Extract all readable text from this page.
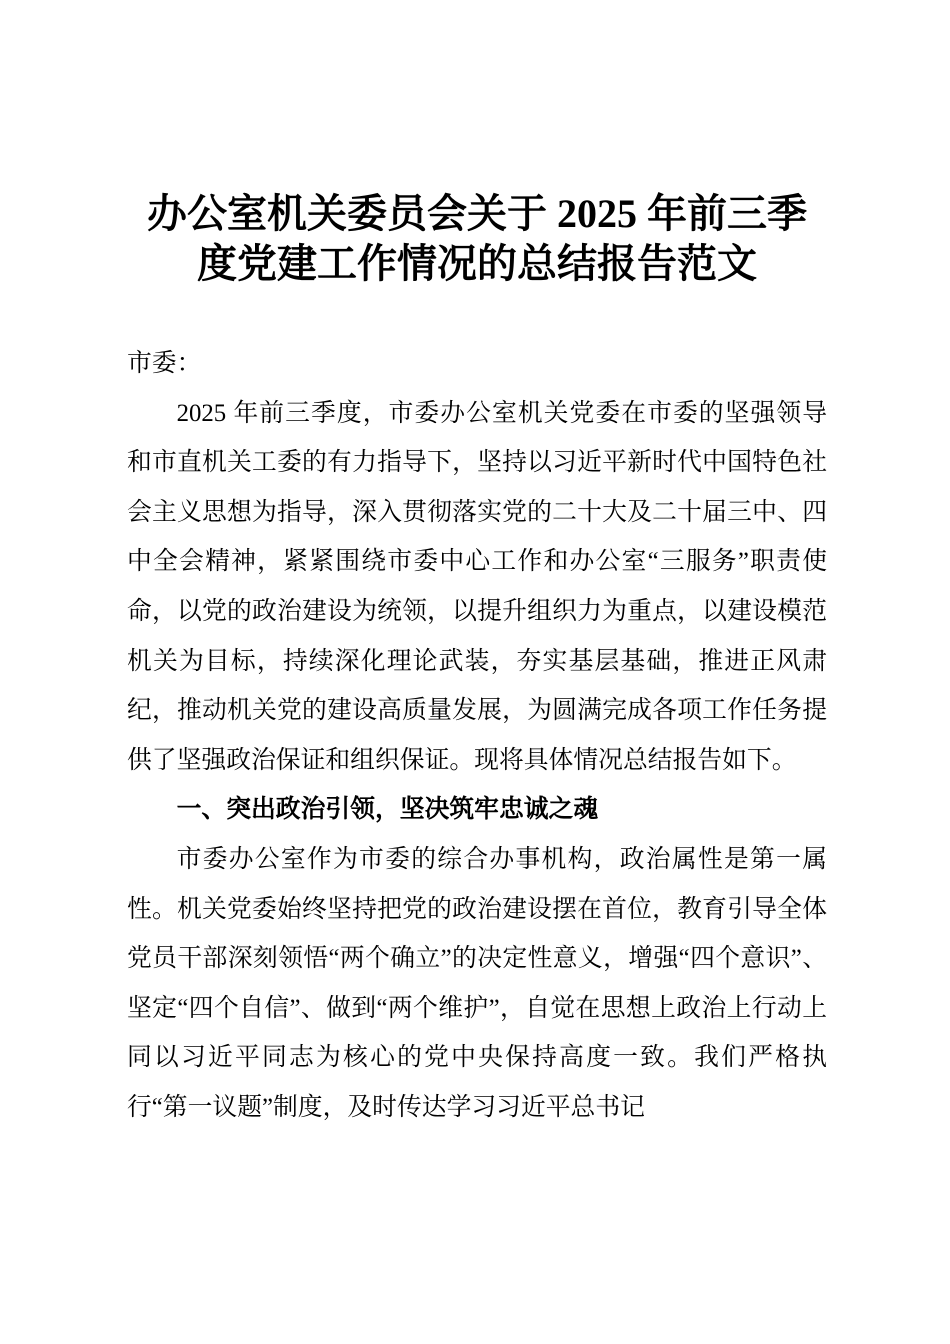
办公室机关委员会关于 2025 年前三季
度党建工作情况的总结报告范文

市委：

2025 年前三季度，市委办公室机关党委在市委的坚强领导和市直机关工委的有力指导下，坚持以习近平新时代中国特色社会主义思想为指导，深入贯彻落实党的二十大及二十届三中、四中全会精神，紧紧围绕市委中心工作和办公室“三服务”职责使命，以党的政治建设为统领，以提升组织力为重点，以建设模范机关为目标，持续深化理论武装，夯实基层基础，推进正风肃纪，推动机关党的建设高质量发展，为圆满完成各项工作任务提供了坚强政治保证和组织保证。现将具体情况总结报告如下。

一、突出政治引领，坚决筑牢忠诚之魂

市委办公室作为市委的综合办事机构，政治属性是第一属性。机关党委始终坚持把党的政治建设摆在首位，教育引导全体党员干部深刻领悟“两个确立”的决定性意义，增强“四个意识”、坚定“四个自信”、做到“两个维护”，自觉在思想上政治上行动上同以习近平同志为核心的党中央保持高度一致。我们严格执行“第一议题”制度，及时传达学习习近平总书记
